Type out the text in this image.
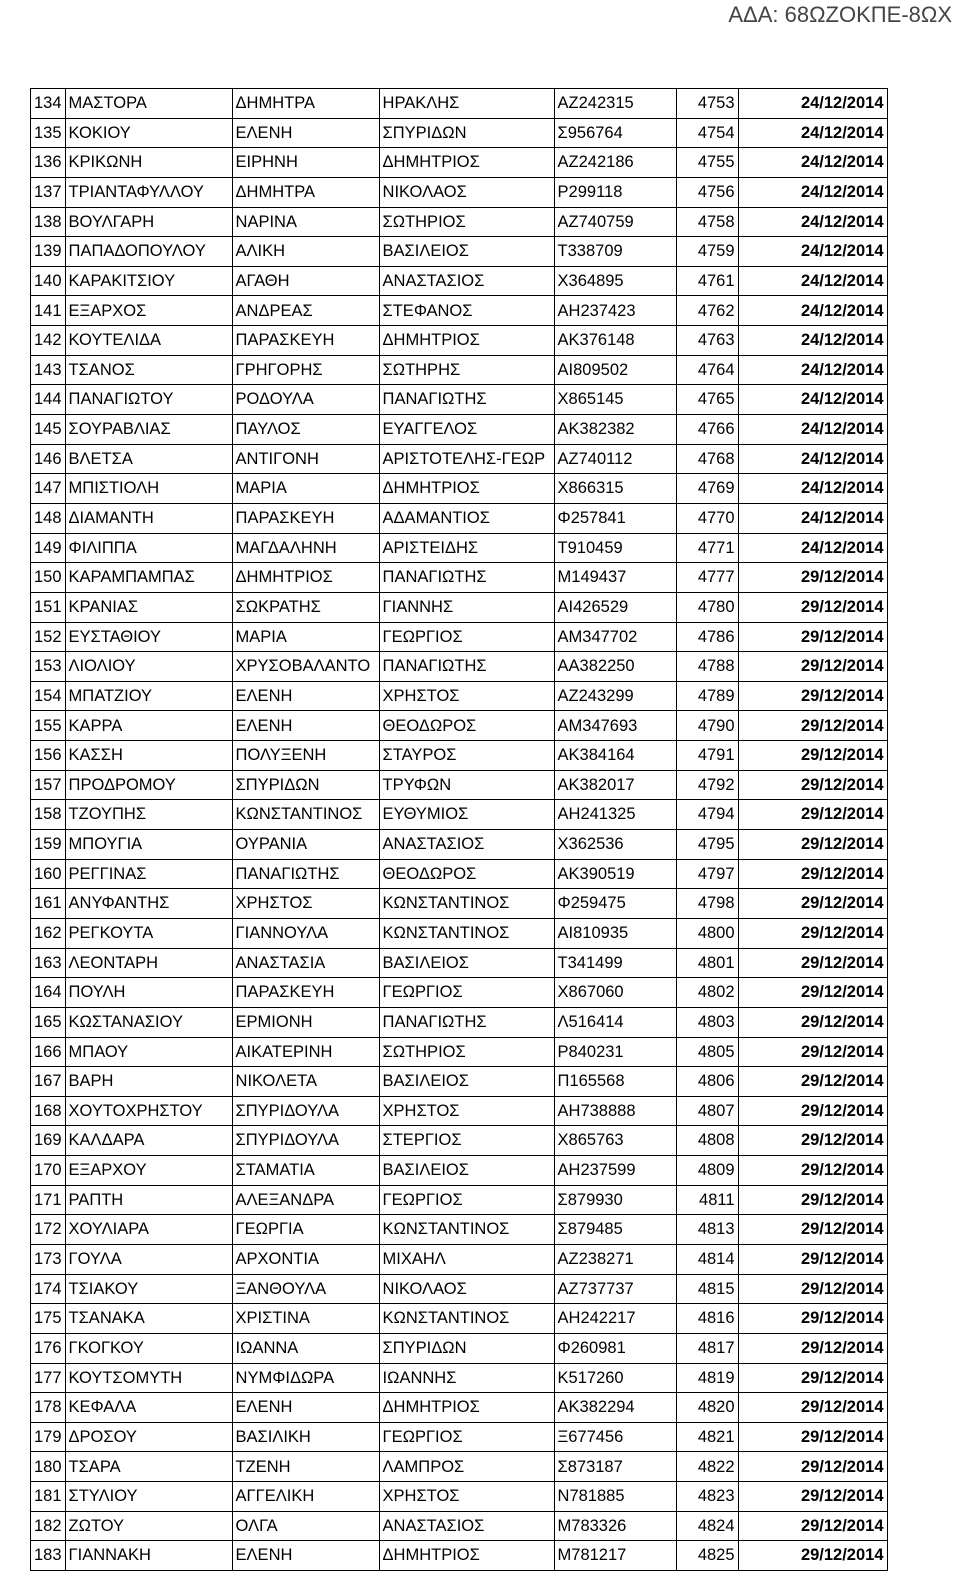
ΑΔΑ: 68ΩΖΟΚΠΕ-8ΩΧ
134	ΜΑΣΤΟΡΑ	ΔΗΜΗΤΡΑ	ΗΡΑΚΛΗΣ	ΑΖ242315	4753	24/12/2014
135	ΚΟΚΙΟΥ	ΕΛΕΝΗ	ΣΠΥΡΙΔΩΝ	Σ956764	4754	24/12/2014
136	ΚΡΙΚΩΝΗ	ΕΙΡΗΝΗ	ΔΗΜΗΤΡΙΟΣ	ΑΖ242186	4755	24/12/2014
137	ΤΡΙΑΝΤΑΦΥΛΛΟΥ	ΔΗΜΗΤΡΑ	ΝΙΚΟΛΑΟΣ	Ρ299118	4756	24/12/2014
138	ΒΟΥΛΓΑΡΗ	ΝΑΡΙΝΑ	ΣΩΤΗΡΙΟΣ	ΑΖ740759	4758	24/12/2014
139	ΠΑΠΑΔΟΠΟΥΛΟΥ	ΑΛΙΚΗ	ΒΑΣΙΛΕΙΟΣ	Τ338709	4759	24/12/2014
140	ΚΑΡΑΚΙΤΣΙΟΥ	ΑΓΑΘΗ	ΑΝΑΣΤΑΣΙΟΣ	Χ364895	4761	24/12/2014
141	ΕΞΑΡΧΟΣ	ΑΝΔΡΕΑΣ	ΣΤΕΦΑΝΟΣ	ΑΗ237423	4762	24/12/2014
142	ΚΟΥΤΕΛΙΔΑ	ΠΑΡΑΣΚΕΥΗ	ΔΗΜΗΤΡΙΟΣ	ΑΚ376148	4763	24/12/2014
143	ΤΣΑΝΟΣ	ΓΡΗΓΟΡΗΣ	ΣΩΤΗΡΗΣ	ΑΙ809502	4764	24/12/2014
144	ΠΑΝΑΓΙΩΤΟΥ	ΡΟΔΟΥΛΑ	ΠΑΝΑΓΙΩΤΗΣ	Χ865145	4765	24/12/2014
145	ΣΟΥΡΑΒΛΙΑΣ	ΠΑΥΛΟΣ	ΕΥΑΓΓΕΛΟΣ	ΑΚ382382	4766	24/12/2014
146	ΒΛΕΤΣΑ	ΑΝΤΙΓΟΝΗ	ΑΡΙΣΤΟΤΕΛΗΣ-ΓΕΩΡ	ΑΖ740112	4768	24/12/2014
147	ΜΠΙΣΤΙΟΛΗ	ΜΑΡΙΑ	ΔΗΜΗΤΡΙΟΣ	Χ866315	4769	24/12/2014
148	ΔΙΑΜΑΝΤΗ	ΠΑΡΑΣΚΕΥΗ	ΑΔΑΜΑΝΤΙΟΣ	Φ257841	4770	24/12/2014
149	ΦΙΛΙΠΠΑ	ΜΑΓΔΑΛΗΝΗ	ΑΡΙΣΤΕΙΔΗΣ	Τ910459	4771	24/12/2014
150	ΚΑΡΑΜΠΑΜΠΑΣ	ΔΗΜΗΤΡΙΟΣ	ΠΑΝΑΓΙΩΤΗΣ	Μ149437	4777	29/12/2014
151	ΚΡΑΝΙΑΣ	ΣΩΚΡΑΤΗΣ	ΓΙΑΝΝΗΣ	ΑΙ426529	4780	29/12/2014
152	ΕΥΣΤΑΘΙΟΥ	ΜΑΡΙΑ	ΓΕΩΡΓΙΟΣ	ΑΜ347702	4786	29/12/2014
153	ΛΙΟΛΙΟΥ	ΧΡΥΣΟΒΑΛΑΝΤΟ	ΠΑΝΑΓΙΩΤΗΣ	ΑΑ382250	4788	29/12/2014
154	ΜΠΑΤΖΙΟΥ	ΕΛΕΝΗ	ΧΡΗΣΤΟΣ	ΑΖ243299	4789	29/12/2014
155	ΚΑΡΡΑ	ΕΛΕΝΗ	ΘΕΟΔΩΡΟΣ	ΑΜ347693	4790	29/12/2014
156	ΚΑΣΣΗ	ΠΟΛΥΞΕΝΗ	ΣΤΑΥΡΟΣ	ΑΚ384164	4791	29/12/2014
157	ΠΡΟΔΡΟΜΟΥ	ΣΠΥΡΙΔΩΝ	ΤΡΥΦΩΝ	ΑΚ382017	4792	29/12/2014
158	ΤΖΟΥΠΗΣ	ΚΩΝΣΤΑΝΤΙΝΟΣ	ΕΥΘΥΜΙΟΣ	ΑΗ241325	4794	29/12/2014
159	ΜΠΟΥΓΙΑ	ΟΥΡΑΝΙΑ	ΑΝΑΣΤΑΣΙΟΣ	Χ362536	4795	29/12/2014
160	ΡΕΓΓΙΝΑΣ	ΠΑΝΑΓΙΩΤΗΣ	ΘΕΟΔΩΡΟΣ	ΑΚ390519	4797	29/12/2014
161	ΑΝΥΦΑΝΤΗΣ	ΧΡΗΣΤΟΣ	ΚΩΝΣΤΑΝΤΙΝΟΣ	Φ259475	4798	29/12/2014
162	ΡΕΓΚΟΥΤΑ	ΓΙΑΝΝΟΥΛΑ	ΚΩΝΣΤΑΝΤΙΝΟΣ	ΑΙ810935	4800	29/12/2014
163	ΛΕΟΝΤΑΡΗ	ΑΝΑΣΤΑΣΙΑ	ΒΑΣΙΛΕΙΟΣ	Τ341499	4801	29/12/2014
164	ΠΟΥΛΗ	ΠΑΡΑΣΚΕΥΗ	ΓΕΩΡΓΙΟΣ	Χ867060	4802	29/12/2014
165	ΚΩΣΤΑΝΑΣΙΟΥ	ΕΡΜΙΟΝΗ	ΠΑΝΑΓΙΩΤΗΣ	Λ516414	4803	29/12/2014
166	ΜΠΑΟΥ	ΑΙΚΑΤΕΡΙΝΗ	ΣΩΤΗΡΙΟΣ	Ρ840231	4805	29/12/2014
167	ΒΑΡΗ	ΝΙΚΟΛΕΤΑ	ΒΑΣΙΛΕΙΟΣ	Π165568	4806	29/12/2014
168	ΧΟΥΤΟΧΡΗΣΤΟΥ	ΣΠΥΡΙΔΟΥΛΑ	ΧΡΗΣΤΟΣ	ΑΗ738888	4807	29/12/2014
169	ΚΑΛΔΑΡΑ	ΣΠΥΡΙΔΟΥΛΑ	ΣΤΕΡΓΙΟΣ	Χ865763	4808	29/12/2014
170	ΕΞΑΡΧΟΥ	ΣΤΑΜΑΤΙΑ	ΒΑΣΙΛΕΙΟΣ	ΑΗ237599	4809	29/12/2014
171	ΡΑΠΤΗ	ΑΛΕΞΑΝΔΡΑ	ΓΕΩΡΓΙΟΣ	Σ879930	4811	29/12/2014
172	ΧΟΥΛΙΑΡΑ	ΓΕΩΡΓΙΑ	ΚΩΝΣΤΑΝΤΙΝΟΣ	Σ879485	4813	29/12/2014
173	ΓΟΥΛΑ	ΑΡΧΟΝΤΙΑ	ΜΙΧΑΗΛ	ΑΖ238271	4814	29/12/2014
174	ΤΣΙΑΚΟΥ	ΞΑΝΘΟΥΛΑ	ΝΙΚΟΛΑΟΣ	ΑΖ737737	4815	29/12/2014
175	ΤΣΑΝΑΚΑ	ΧΡΙΣΤΙΝΑ	ΚΩΝΣΤΑΝΤΙΝΟΣ	ΑΗ242217	4816	29/12/2014
176	ΓΚΟΓΚΟΥ	ΙΩΑΝΝΑ	ΣΠΥΡΙΔΩΝ	Φ260981	4817	29/12/2014
177	ΚΟΥΤΣΟΜΥΤΗ	ΝΥΜΦΙΔΩΡΑ	ΙΩΑΝΝΗΣ	Κ517260	4819	29/12/2014
178	ΚΕΦΑΛΑ	ΕΛΕΝΗ	ΔΗΜΗΤΡΙΟΣ	ΑΚ382294	4820	29/12/2014
179	ΔΡΟΣΟΥ	ΒΑΣΙΛΙΚΗ	ΓΕΩΡΓΙΟΣ	Ξ677456	4821	29/12/2014
180	ΤΣΑΡΑ	ΤΖΕΝΗ	ΛΑΜΠΡΟΣ	Σ873187	4822	29/12/2014
181	ΣΤΥΛΙΟΥ	ΑΓΓΕΛΙΚΗ	ΧΡΗΣΤΟΣ	Ν781885	4823	29/12/2014
182	ΖΩΤΟΥ	ΟΛΓΑ	ΑΝΑΣΤΑΣΙΟΣ	Μ783326	4824	29/12/2014
183	ΓΙΑΝΝΑΚΗ	ΕΛΕΝΗ	ΔΗΜΗΤΡΙΟΣ	Μ781217	4825	29/12/2014
